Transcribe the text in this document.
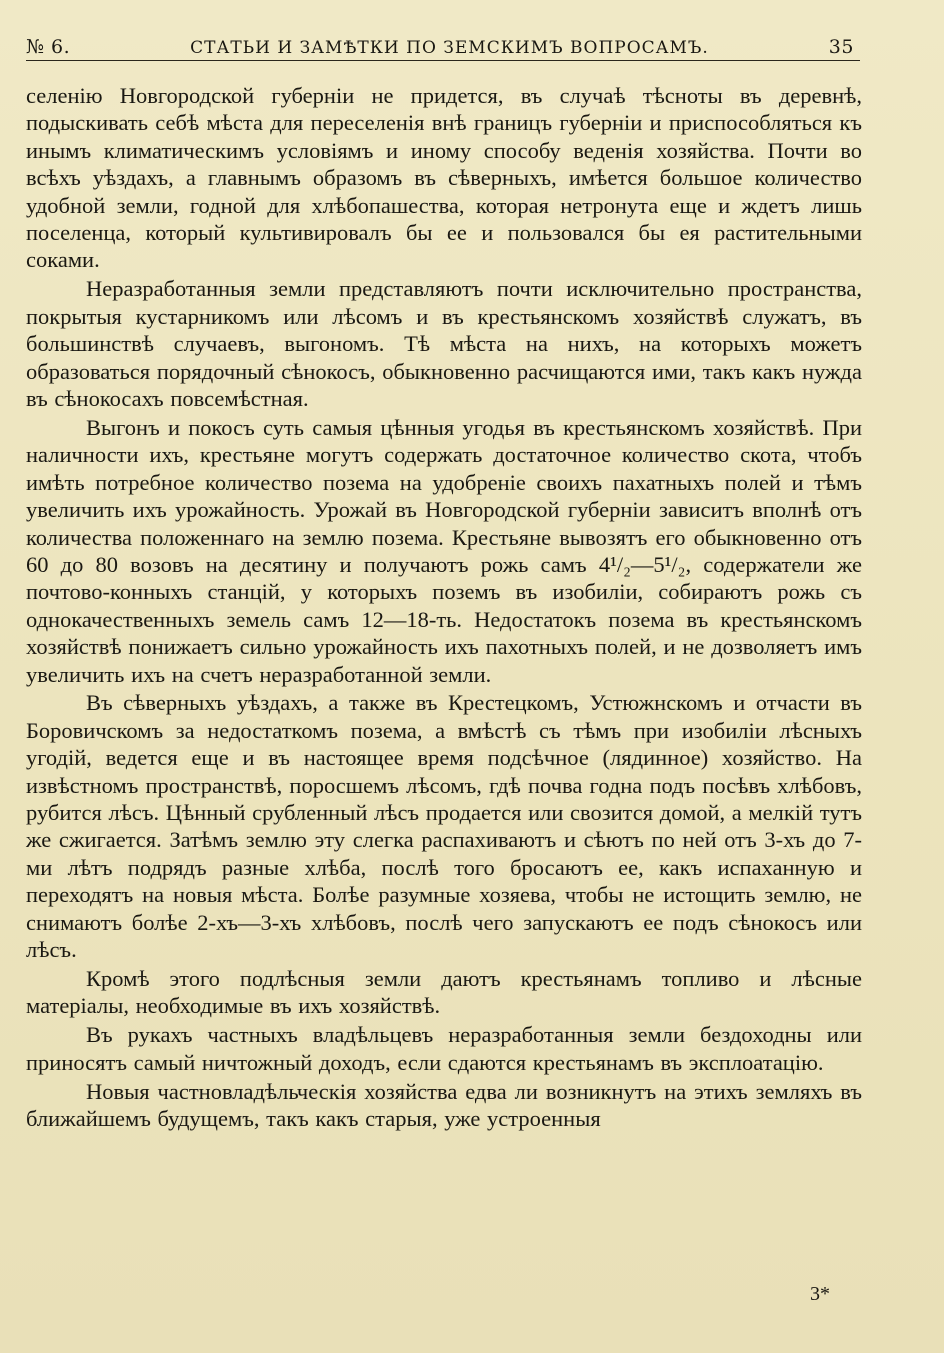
№ 6.	СТАТЬИ И ЗАМѢТКИ ПО ЗЕМСКИМЪ ВОПРОСАМЪ.	35

селенію Новгородской губерніи не придется, въ случаѣ тѣсноты въ деревнѣ, подыскивать себѣ мѣста для переселенія внѣ границъ губерніи и приспособляться къ инымъ климатическимъ условіямъ и иному способу веденія хозяйства. Почти во всѣхъ уѣздахъ, а главнымъ образомъ въ сѣверныхъ, имѣется большое количество удобной земли, годной для хлѣбопашества, которая нетронута еще и ждетъ лишь поселенца, который культивировалъ бы ее и пользовался бы ея растительными соками.

Неразработанныя земли представляютъ почти исключительно пространства, покрытыя кустарникомъ или лѣсомъ и въ крестьянскомъ хозяйствѣ служатъ, въ большинствѣ случаевъ, выгономъ. Тѣ мѣста на нихъ, на которыхъ можетъ образоваться порядочный сѣнокосъ, обыкновенно расчищаются ими, такъ какъ нужда въ сѣнокосахъ повсемѣстная.

Выгонъ и покосъ суть самыя цѣнныя угодья въ крестьянскомъ хозяйствѣ. При наличности ихъ, крестьяне могутъ содержать достаточное количество скота, чтобъ имѣть потребное количество позема на удобреніе своихъ пахатныхъ полей и тѣмъ увеличить ихъ урожайность. Урожай въ Новгородской губерніи зависитъ вполнѣ отъ количества положеннаго на землю позема. Крестьяне вывозятъ его обыкновенно отъ 60 до 80 возовъ на десятину и получаютъ рожь самъ 4¹/₂—5¹/₂, содержатели же почтово-конныхъ станцій, у которыхъ поземъ въ изобиліи, собираютъ рожь съ однокачественныхъ земель самъ 12—18-ть. Недостатокъ позема въ крестьянскомъ хозяйствѣ понижаетъ сильно урожайность ихъ пахотныхъ полей, и не дозволяетъ имъ увеличить ихъ на счетъ неразработанной земли.

Въ сѣверныхъ уѣздахъ, а также въ Крестецкомъ, Устюжнскомъ и отчасти въ Боровичскомъ за недостаткомъ позема, а вмѣстѣ съ тѣмъ при изобиліи лѣсныхъ угодій, ведется еще и въ настоящее время подсѣчное (лядинное) хозяйство. На извѣстномъ пространствѣ, поросшемъ лѣсомъ, гдѣ почва годна подъ посѣвъ хлѣбовъ, рубится лѣсъ. Цѣнный срубленный лѣсъ продается или свозится домой, а мелкій тутъ же сжигается. Затѣмъ землю эту слегка распахиваютъ и сѣютъ по ней отъ 3-хъ до 7-ми лѣтъ подрядъ разные хлѣба, послѣ того бросаютъ ее, какъ испаханную и переходятъ на новыя мѣста. Болѣе разумные хозяева, чтобы не истощить землю, не снимаютъ болѣе 2-хъ—3-хъ хлѣбовъ, послѣ чего запускаютъ ее подъ сѣнокосъ или лѣсъ.

Кромѣ этого подлѣсныя земли даютъ крестьянамъ топливо и лѣсные матеріалы, необходимые въ ихъ хозяйствѣ.

Въ рукахъ частныхъ владѣльцевъ неразработанныя земли бездоходны или приносятъ самый ничтожный доходъ, если сдаются крестьянамъ въ эксплоатацію.

Новыя частновладѣльческія хозяйства едва ли возникнутъ на этихъ земляхъ въ ближайшемъ будущемъ, такъ какъ старыя, уже устроенныя

3*
